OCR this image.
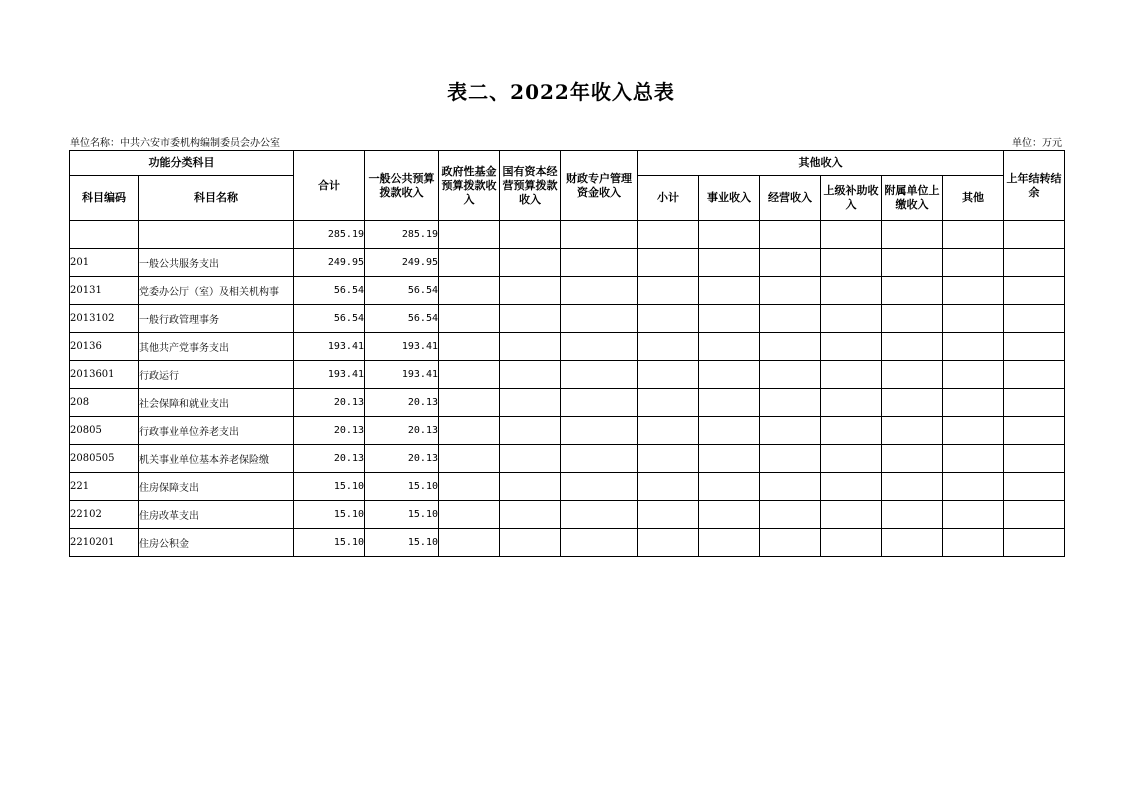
表二、2022年收入总表
单位名称：中共六安市委机构编制委员会办公室	单位：万元
功能分类科目		合计	一般公共预算拨款收入	政府性基金预算拨款收入	国有资本经营预算拨款收入	财政专户管理资金收入	其他收入						上年结转结余
科目编码	科目名称						小计	事业收入	经营收入	上级补助收入	附属单位上缴收入	其他	
		285.19	285.19										
201	一般公共服务支出	249.95	249.95										
20131	党委办公厅（室）及相关机构事	56.54	56.54										
2013102	一般行政管理事务	56.54	56.54										
20136	其他共产党事务支出	193.41	193.41										
2013601	行政运行	193.41	193.41										
208	社会保障和就业支出	20.13	20.13										
20805	行政事业单位养老支出	20.13	20.13										
2080505	机关事业单位基本养老保险缴	20.13	20.13										
221	住房保障支出	15.10	15.10										
22102	住房改革支出	15.10	15.10										
2210201	住房公积金	15.10	15.10										
